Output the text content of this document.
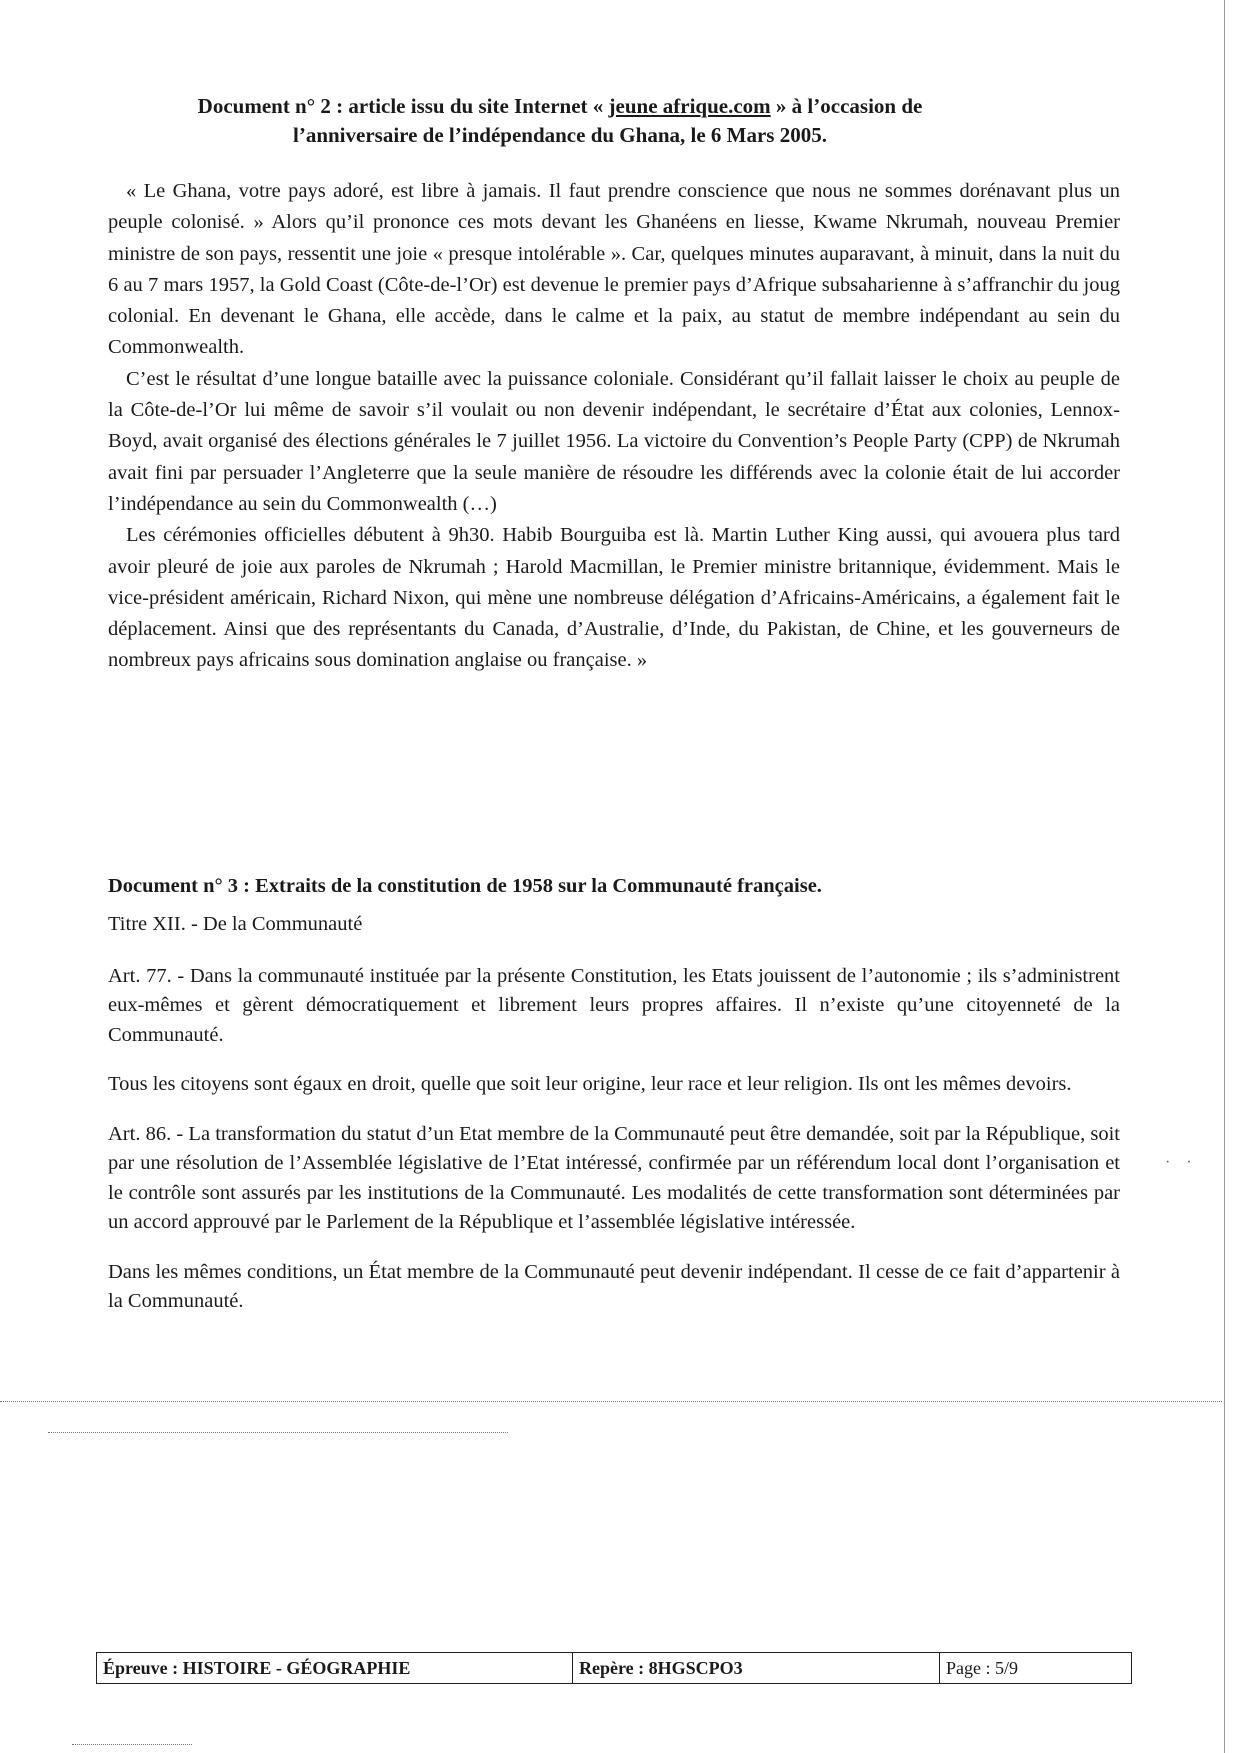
Document n° 2 : article issu du site Internet « jeune afrique.com » à l’occasion de
l’anniversaire de l’indépendance du Ghana, le 6 Mars 2005.

« Le Ghana, votre pays adoré, est libre à jamais. Il faut prendre conscience que nous ne sommes dorénavant plus un peuple colonisé. » Alors qu’il prononce ces mots devant les Ghanéens en liesse, Kwame Nkrumah, nouveau Premier ministre de son pays, ressentit une joie « presque intolérable ». Car, quelques minutes auparavant, à minuit, dans la nuit du 6 au 7 mars 1957, la Gold Coast (Côte-de-l’Or) est devenue le premier pays d’Afrique subsaharienne à s’affranchir du joug colonial. En devenant le Ghana, elle accède, dans le calme et la paix, au statut de membre indépendant au sein du Commonwealth.

C’est le résultat d’une longue bataille avec la puissance coloniale. Considérant qu’il fallait laisser le choix au peuple de la Côte-de-l’Or lui même de savoir s’il voulait ou non devenir indépendant, le secrétaire d’État aux colonies, Lennox-Boyd, avait organisé des élections générales le 7 juillet 1956. La victoire du Convention’s People Party (CPP) de Nkrumah avait fini par persuader l’Angleterre que la seule manière de résoudre les différends avec la colonie était de lui accorder l’indépendance au sein du Commonwealth (…)

Les cérémonies officielles débutent à 9h30. Habib Bourguiba est là. Martin Luther King aussi, qui avouera plus tard avoir pleuré de joie aux paroles de Nkrumah ; Harold Macmillan, le Premier ministre britannique, évidemment. Mais le vice-président américain, Richard Nixon, qui mène une nombreuse délégation d’Africains-Américains, a également fait le déplacement. Ainsi que des représentants du Canada, d’Australie, d’Inde, du Pakistan, de Chine, et les gouverneurs de nombreux pays africains sous domination anglaise ou française. »

Document n° 3 : Extraits de la constitution de 1958 sur la Communauté française.

Titre XII. - De la Communauté

Art. 77. - Dans la communauté instituée par la présente Constitution, les Etats jouissent de l’autonomie ; ils s’administrent eux-mêmes et gèrent démocratiquement et librement leurs propres affaires. Il n’existe qu’une citoyenneté de la Communauté.

Tous les citoyens sont égaux en droit, quelle que soit leur origine, leur race et leur religion. Ils ont les mêmes devoirs.

Art. 86. - La transformation du statut d’un Etat membre de la Communauté peut être demandée, soit par la République, soit par une résolution de l’Assemblée législative de l’Etat intéressé, confirmée par un référendum local dont l’organisation et le contrôle sont assurés par les institutions de la Communauté. Les modalités de cette transformation sont déterminées par un accord approuvé par le Parlement de la République et l’assemblée législative intéressée.

Dans les mêmes conditions, un État membre de la Communauté peut devenir indépendant. Il cesse de ce fait d’appartenir à la Communauté.

· ·
Épreuve : HISTOIRE - GÉOGRAPHIE	Repère : 8HGSCPO3	Page : 5/9
